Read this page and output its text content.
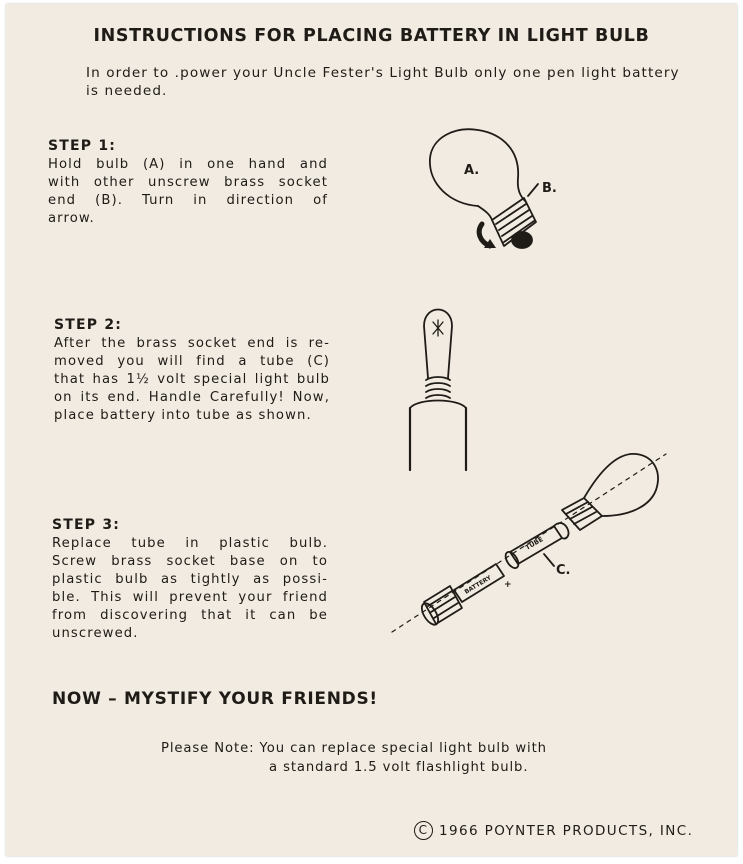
INSTRUCTIONS FOR PLACING BATTERY IN LIGHT BULB
In order to .power your Uncle Fester's Light Bulb only one pen light battery is needed.
STEP 1:
Hold bulb (A) in one hand and
with other unscrew brass socket
end (B). Turn in direction of
arrow.
STEP 2:
After the brass socket end is re-
moved you will find a tube (C)
that has 1½ volt special light bulb
on its end. Handle Carefully! Now,
place battery into tube as shown.
STEP 3:
Replace tube in plastic bulb.
Screw brass socket base on to
plastic bulb as tightly as possi-
ble. This will prevent your friend
from discovering that it can be
unscrewed.
A.
B.
TUBE
C.
BATTERY +
NOW – MYSTIFY YOUR FRIENDS!
Please Note: You can replace special light bulb with
a standard 1.5 volt flashlight bulb.
C 1966 POYNTER PRODUCTS, INC.
